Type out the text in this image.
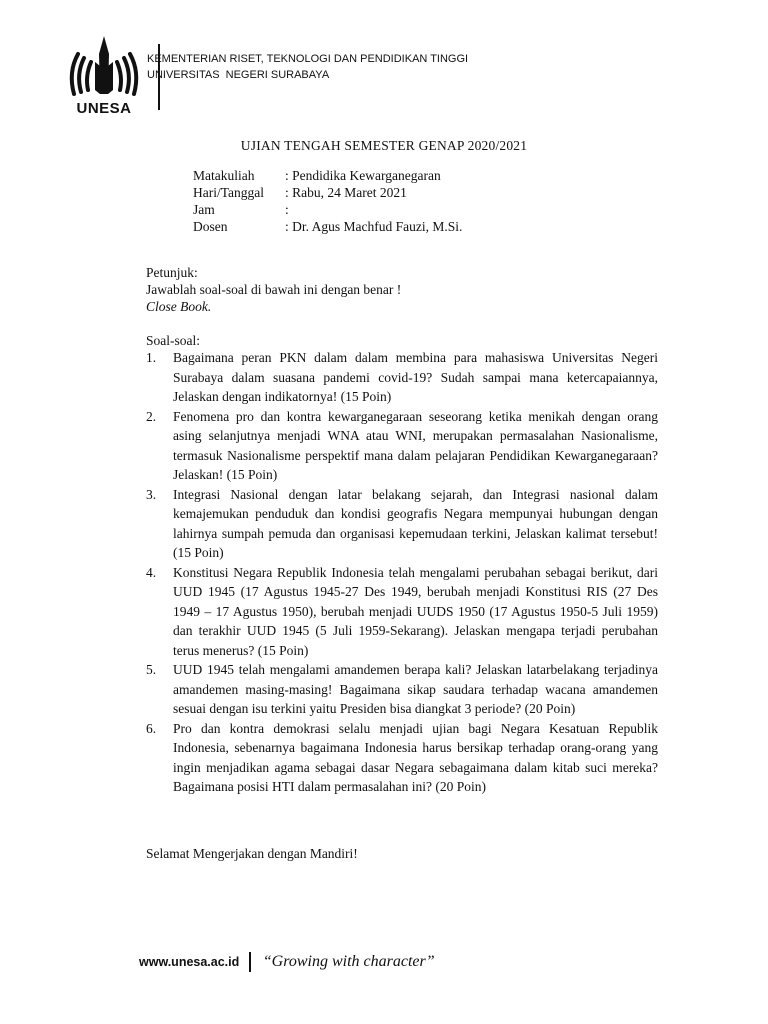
UNESA
KEMENTERIAN RISET, TEKNOLOGI DAN PENDIDIKAN TINGGI
UNIVERSITAS  NEGERI SURABAYA
UJIAN TENGAH SEMESTER GENAP 2020/2021
Matakuliah	: Pendidika Kewarganegaran
Hari/Tanggal	: Rabu, 24 Maret 2021
Jam	:
Dosen	: Dr. Agus Machfud Fauzi, M.Si.
Petunjuk:
Jawablah soal-soal di bawah ini dengan benar !
Close Book.
Soal-soal:
1.	Bagaimana peran PKN dalam dalam membina para mahasiswa Universitas Negeri Surabaya dalam suasana pandemi covid-19? Sudah sampai mana ketercapaiannya, Jelaskan dengan indikatornya! (15 Poin)
2.	Fenomena pro dan kontra kewarganegaraan seseorang ketika menikah dengan orang asing selanjutnya menjadi WNA atau WNI, merupakan permasalahan Nasionalisme, termasuk Nasionalisme perspektif mana dalam pelajaran Pendidikan Kewarganegaraan? Jelaskan! (15 Poin)
3.	Integrasi Nasional dengan latar belakang sejarah, dan Integrasi nasional dalam kemajemukan penduduk dan kondisi geografis Negara mempunyai hubungan dengan lahirnya sumpah pemuda dan organisasi kepemudaan terkini, Jelaskan kalimat tersebut! (15 Poin)
4.	Konstitusi Negara Republik Indonesia telah mengalami perubahan sebagai berikut, dari UUD 1945 (17 Agustus 1945-27 Des 1949, berubah menjadi Konstitusi RIS (27 Des 1949 – 17 Agustus 1950), berubah menjadi UUDS 1950 (17 Agustus 1950-5 Juli 1959) dan terakhir UUD 1945 (5 Juli 1959-Sekarang). Jelaskan mengapa terjadi perubahan terus menerus? (15 Poin)
5.	UUD 1945 telah mengalami amandemen berapa kali? Jelaskan latarbelakang terjadinya amandemen masing-masing! Bagaimana sikap saudara terhadap wacana amandemen sesuai dengan isu terkini yaitu Presiden bisa diangkat 3 periode? (20 Poin)
6.	Pro dan kontra demokrasi selalu menjadi ujian bagi Negara Kesatuan Republik Indonesia, sebenarnya bagaimana Indonesia harus bersikap terhadap orang-orang yang ingin menjadikan agama sebagai dasar Negara sebagaimana dalam kitab suci mereka? Bagaimana posisi HTI dalam permasalahan ini? (20 Poin)
Selamat Mengerjakan dengan Mandiri!
www.unesa.ac.id “Growing with character”
